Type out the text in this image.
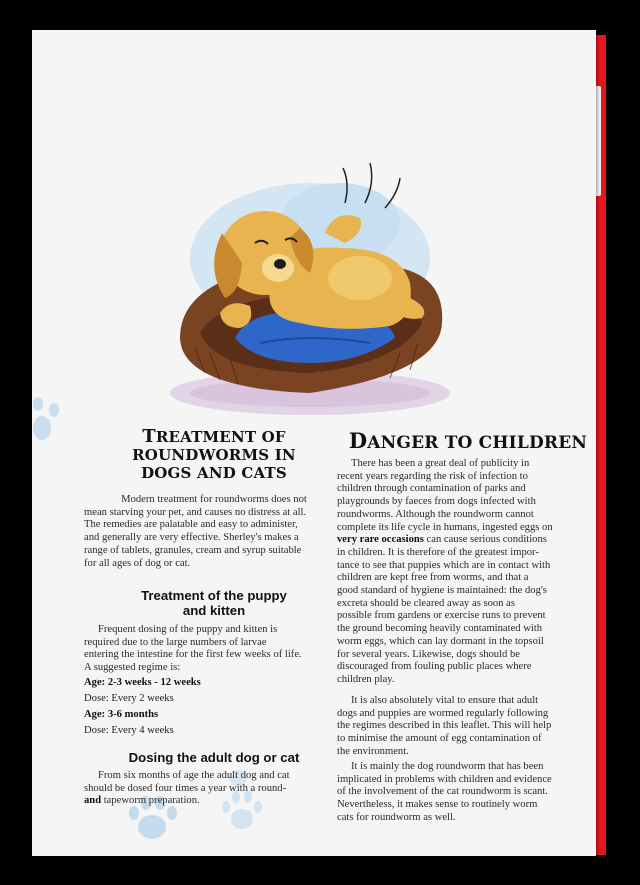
TREATMENT OF
ROUNDWORMS IN
DOGS AND CATS

Modern treatment for roundworms does not

mean starving your pet, and causes no distress at all.

The remedies are palatable and easy to administer,

and generally are very effective. Sherley's makes a

range of tablets, granules, cream and syrup suitable

for all ages of dog or cat.

Treatment of the puppy

and kitten

Frequent dosing of the puppy and kitten is

required due to the large numbers of larvae

entering the intestine for the first few weeks of life.

A suggested regime is:

Age: 2-3 weeks - 12 weeks

Dose: Every 2 weeks

Age: 3-6 months

Dose: Every 4 weeks

Dosing the adult dog or cat

From six months of age the adult dog and cat

should be dosed four times a year with a round-

and tapeworm preparation.

DANGER TO CHILDREN

There has been a great deal of publicity in

recent years regarding the risk of infection to

children through contamination of parks and

playgrounds by faeces from dogs infected with

roundworms. Although the roundworm cannot

complete its life cycle in humans, ingested eggs on

very rare occasions can cause serious conditions

in children. It is therefore of the greatest impor-

tance to see that puppies which are in contact with

children are kept free from worms, and that a

good standard of hygiene is maintained: the dog's

excreta should be cleared away as soon as

possible from gardens or exercise runs to prevent

the ground becoming heavily contaminated with

worm eggs, which can lay dormant in the topsoil

for several years. Likewise, dogs should be

discouraged from fouling public places where

children play.

It is also absolutely vital to ensure that adult

dogs and puppies are wormed regularly following

the regimes described in this leaflet. This will help

to minimise the amount of egg contamination of

the environment.

It is mainly the dog roundworm that has been

implicated in problems with children and evidence

of the involvement of the cat roundworm is scant.

Nevertheless, it makes sense to routinely worm

cats for roundworm as well.
